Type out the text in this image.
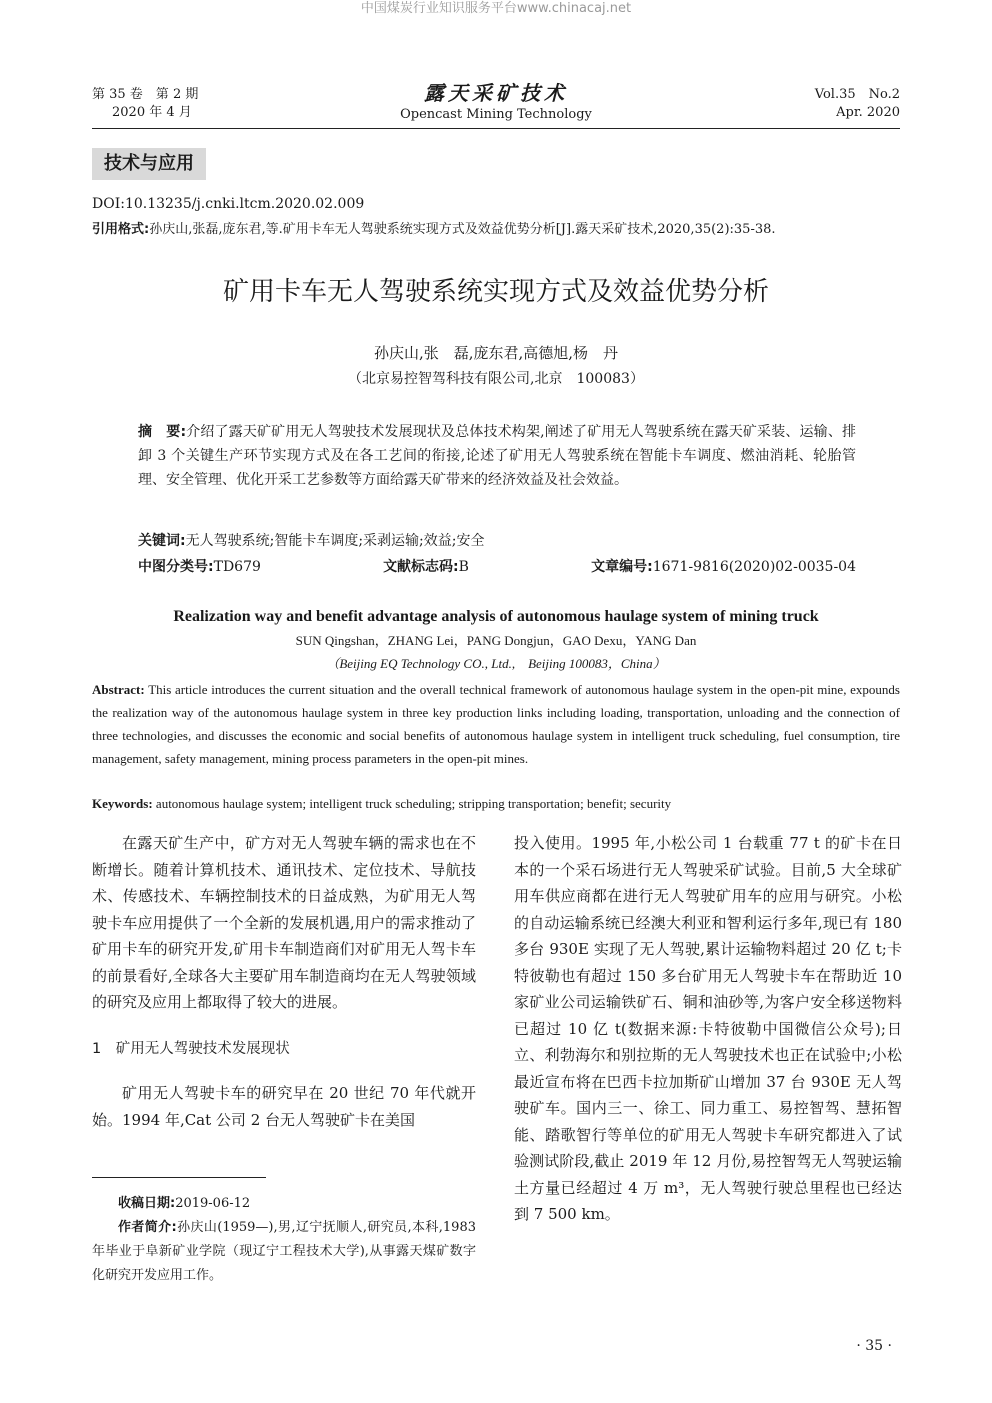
中国煤炭行业知识服务平台www.chinacaj.net
第 35 卷　第 2 期
2020 年 4 月
露天采矿技术
Opencast Mining Technology
Vol.35　No.2
Apr. 2020
技术与应用
DOI:10.13235/j.cnki.ltcm.2020.02.009
引用格式:孙庆山,张磊,庞东君,等.矿用卡车无人驾驶系统实现方式及效益优势分析[J].露天采矿技术,2020,35(2):35-38.
矿用卡车无人驾驶系统实现方式及效益优势分析
孙庆山,张　磊,庞东君,高德旭,杨　丹
（北京易控智驾科技有限公司,北京　100083）
摘　要:介绍了露天矿矿用无人驾驶技术发展现状及总体技术构架,阐述了矿用无人驾驶系统在露天矿采装、运输、排卸 3 个关键生产环节实现方式及在各工艺间的衔接,论述了矿用无人驾驶系统在智能卡车调度、燃油消耗、轮胎管理、安全管理、优化开采工艺参数等方面给露天矿带来的经济效益及社会效益。
关键词:无人驾驶系统;智能卡车调度;采剥运输;效益;安全
中图分类号:TD679	文献标志码:B	文章编号:1671-9816(2020)02-0035-04
Realization way and benefit advantage analysis of autonomous haulage system of mining truck
SUN Qingshan，ZHANG Lei，PANG Dongjun，GAO Dexu，YANG Dan
（Beijing EQ Technology CO., Ltd.,　Beijing 100083，China）
Abstract: This article introduces the current situation and the overall technical framework of autonomous haulage system in the open-pit mine, expounds the realization way of the autonomous haulage system in three key production links including loading, transportation, unloading and the connection of three technologies, and discusses the economic and social benefits of autonomous haulage system in intelligent truck scheduling, fuel consumption, tire management, safety management, mining process parameters in the open-pit mines.
Keywords: autonomous haulage system; intelligent truck scheduling; stripping transportation; benefit; security

在露天矿生产中，矿方对无人驾驶车辆的需求也在不断增长。随着计算机技术、通讯技术、定位技术、导航技术、传感技术、车辆控制技术的日益成熟，为矿用无人驾驶卡车应用提供了一个全新的发展机遇,用户的需求推动了矿用卡车的研究开发,矿用卡车制造商们对矿用无人驾卡车的前景看好,全球各大主要矿用车制造商均在无人驾驶领域的研究及应用上都取得了较大的进展。

1　矿用无人驾驶技术发展现状

矿用无人驾驶卡车的研究早在 20 世纪 70 年代就开始。1994 年,Cat 公司 2 台无人驾驶矿卡在美国

收稿日期:2019-06-12

作者简介:孙庆山(1959—),男,辽宁抚顺人,研究员,本科,1983 年毕业于阜新矿业学院（现辽宁工程技术大学),从事露天煤矿数字化研究开发应用工作。

投入使用。1995 年,小松公司 1 台载重 77 t 的矿卡在日本的一个采石场进行无人驾驶采矿试验。目前,5 大全球矿用车供应商都在进行无人驾驶矿用车的应用与研究。小松的自动运输系统已经澳大利亚和智利运行多年,现已有 180 多台 930E 实现了无人驾驶,累计运输物料超过 20 亿 t;卡特彼勒也有超过 150 多台矿用无人驾驶卡车在帮助近 10 家矿业公司运输铁矿石、铜和油砂等,为客户安全移送物料已超过 10 亿 t(数据来源:卡特彼勒中国微信公众号);日立、利勃海尔和别拉斯的无人驾驶技术也正在试验中;小松最近宣布将在巴西卡拉加斯矿山增加 37 台 930E 无人驾驶矿车。国内三一、徐工、同力重工、易控智驾、慧拓智能、踏歌智行等单位的矿用无人驾驶卡车研究都进入了试验测试阶段,截止 2019 年 12 月份,易控智驾无人驾驶运输土方量已经超过 4 万 m³，无人驾驶行驶总里程也已经达到 7 500 km。

· 35 ·
